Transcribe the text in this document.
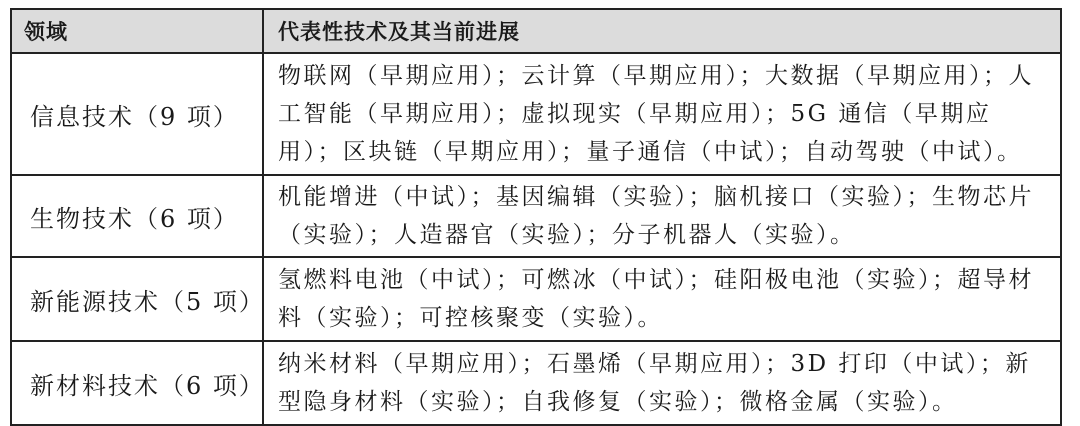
领域	代表性技术及其当前进展
信息技术（9 项）	物联网（早期应用）；云计算（早期应用）；大数据（早期应用）；人工智能（早期应用）；虚拟现实（早期应用）；5G 通信（早期应用）；区块链（早期应用）；量子通信（中试）；自动驾驶（中试）。
生物技术（6 项）	机能增进（中试）；基因编辑（实验）；脑机接口（实验）；生物芯片（实验）；人造器官（实验）；分子机器人（实验）。
新能源技术（5 项）	氢燃料电池（中试）；可燃冰（中试）；硅阳极电池（实验）；超导材料（实验）；可控核聚变（实验）。
新材料技术（6 项）	纳米材料（早期应用）；石墨烯（早期应用）；3D 打印（中试）；新型隐身材料（实验）；自我修复（实验）；微格金属（实验）。
